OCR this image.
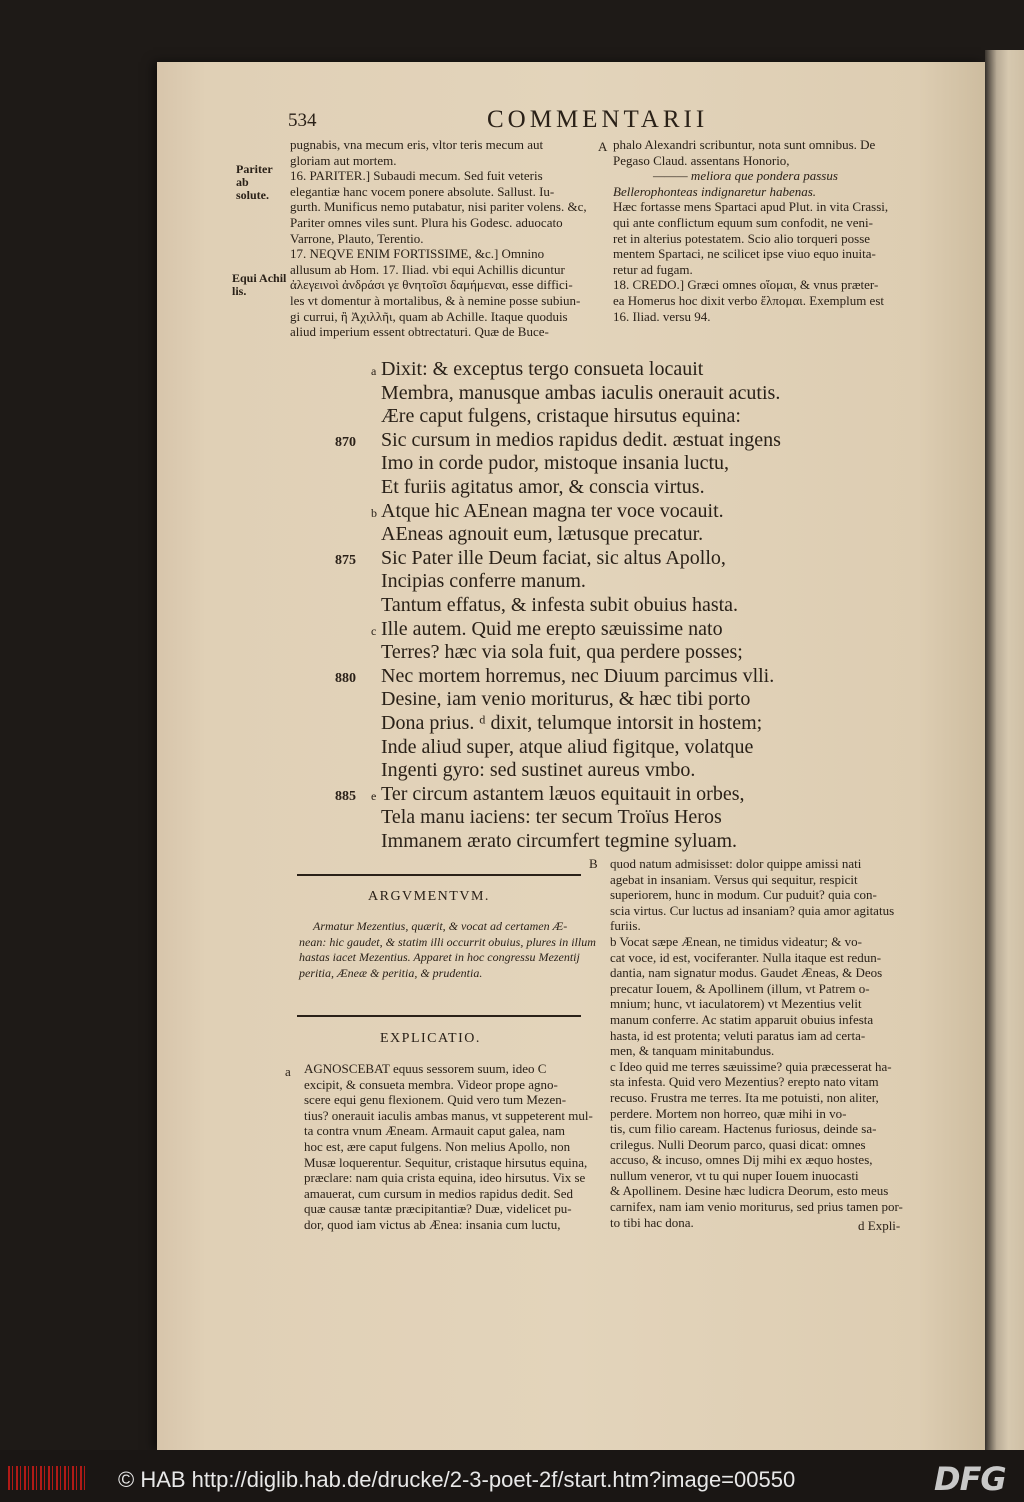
534	COMMENTARII
pugnabis, vna mecum eris, vltor teris mecum aut
gloriam aut mortem.
16. PARITER.] Subaudi mecum. Sed fuit veteris
elegantiæ hanc vocem ponere absolute. Sallust. Iu-
gurth. Munificus nemo putabatur, nisi pariter volens. &c,
Pariter omnes viles sunt. Plura his Godesc. aduocato
Varrone, Plauto, Terentio.
17. NEQVE ENIM FORTISSIME, &c.] Omnino
allusum ab Hom. 17. Iliad. vbi equi Achillis dicuntur
ἀλεγεινοὶ ἀνδράσι γε θνητοῖσι δαμήμεναι, esse diffici-
les vt domentur à mortalibus, & à nemine posse subiun-
gi currui, ἢ Ἀχιλλῆι, quam ab Achille. Itaque quoduis
aliud imperium essent obtrectaturi. Quæ de Buce-
A phalo Alexandri scribuntur, nota sunt omnibus. De
Pegaso Claud. assentans Honorio,
——— meliora que pondera passus
Bellerophonteas indignaretur habenas.
Hæc fortasse mens Spartaci apud Plut. in vita Crassi,
qui ante conflictum equum sum confodit, ne veni-
ret in alterius potestatem. Scio alio torqueri posse
mentem Spartaci, ne scilicet ipse viuo equo inuita-
retur ad fugam.
18. CREDO.] Græci omnes οἴομαι, & vnus præter-
ea Homerus hoc dixit verbo ἔλπομαι. Exemplum est
16. Iliad. versu 94.
Pariter ab solute.
Equi Achil lis.
a Dixit: & exceptus tergo consueta locauit
Membra, manusque ambas iaculis onerauit acutis.
Ære caput fulgens, cristaque hirsutus equina:
870 Sic cursum in medios rapidus dedit. æstuat ingens
Imo in corde pudor, mistoque insania luctu,
Et furiis agitatus amor, & conscia virtus.
b Atque hic AEnean magna ter voce vocauit.
AEneas agnouit eum, lætusque precatur.
875 Sic Pater ille Deum faciat, sic altus Apollo,
Incipias conferre manum.
Tantum effatus, & infesta subit obuius hasta.
c Ille autem. Quid me erepto sæuissime nato
Terres? hæc via sola fuit, qua perdere posses;
880 Nec mortem horremus, nec Diuum parcimus vlli.
Desine, iam venio moriturus, & hæc tibi porto
Dona prius. ᵈ dixit, telumque intorsit in hostem;
Inde aliud super, atque aliud figitque, volatque
Ingenti gyro: sed sustinet aureus vmbo.
885 e Ter circum astantem læuos equitauit in orbes,
Tela manu iaciens: ter secum Troïus Heros
Immanem ærato circumfert tegmine syluam.
ARGVMENTVM.
Armatur Mezentius, quærit, & vocat ad certamen Æ-
nean: hic gaudet, & statim illi occurrit obuius, plures in illum
hastas iacet Mezentius. Apparet in hoc congressu Mezentij
peritia, Æneæ & peritia, & prudentia.
EXPLICATIO.
a AGNOSCEBAT equus sessorem suum, ideo C
excipit, & consueta membra. Videor prope agno-
scere equi genu flexionem. Quid vero tum Mezen-
tius? onerauit iaculis ambas manus, vt suppeterent mul-
ta contra vnum Æneam. Armauit caput galea, nam
hoc est, ære caput fulgens. Non melius Apollo, non
Musæ loquerentur. Sequitur, cristaque hirsutus equina,
præclare: nam quia crista equina, ideo hirsutus. Vix se
amauerat, cum cursum in medios rapidus dedit. Sed
quæ causæ tantæ præcipitantiæ? Duæ, videlicet pu-
dor, quod iam victus ab Ænea: insania cum luctu,
B quod natum admisisset: dolor quippe amissi nati
agebat in insaniam. Versus qui sequitur, respicit
superiorem, hunc in modum. Cur puduit? quia con-
scia virtus. Cur luctus ad insaniam? quia amor agitatus
furiis.
b Vocat sæpe Ænean, ne timidus videatur; & vo-
cat voce, id est, vociferanter. Nulla itaque est redun-
dantia, nam signatur modus. Gaudet Æneas, & Deos
precatur Iouem, & Apollinem (illum, vt Patrem o-
mnium; hunc, vt iaculatorem) vt Mezentius velit
manum conferre. Ac statim apparuit obuius infesta
hasta, id est protenta; veluti paratus iam ad certa-
men, & tanquam minitabundus.
c Ideo quid me terres sæuissime? quia præcesserat ha-
sta infesta. Quid vero Mezentius? erepto nato vitam
recuso. Frustra me terres. Ita me potuisti, non aliter,
perdere. Mortem non horreo, quæ mihi in vo-
tis, cum filio caream. Hactenus furiosus, deinde sa-
crilegus. Nulli Deorum parco, quasi dicat: omnes
accuso, & incuso, omnes Dij mihi ex æquo hostes,
nullum veneror, vt tu qui nuper Iouem inuocasti
& Apollinem. Desine hæc ludicra Deorum, esto meus
carnifex, nam iam venio moriturus, sed prius tamen por-
to tibi hac dona.	d Expli-
© HAB http://diglib.hab.de/drucke/2-3-poet-2f/start.htm?image=00550	DFG
